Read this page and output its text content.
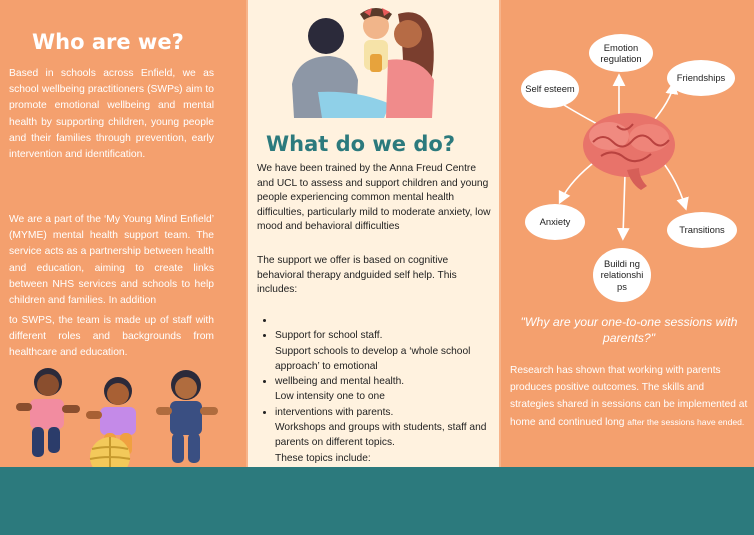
Who are we?
Based in schools across Enfield, we as school wellbeing practitioners (SWPs) aim to promote emotional wellbeing and mental health by supporting children, young people and their families through prevention, early intervention and identification.
We are a part of the ‘My Young Mind Enfield’ (MYME) mental health support team. The service acts as a partnership between health and education, aiming to create links between NHS services and schools to help children and families. In addition
to SWPS, the team is made up of staff with different roles and backgrounds from healthcare and education.
What do we do?
We have been trained by the Anna Freud Centre and UCL to assess and support children and young people experiencing common mental health difficulties, particularly mild to moderate anxiety, low mood and behavioral difficulties
The support we offer is based on cognitive behavioral therapy andguided self help. This includes:
•
• Support for school staff.
Support schools to develop a ‘whole school approach’ to emotional
• wellbeing and mental health.
Low intensity one to one
• interventions with parents.
Workshops and groups with students, staff and parents on different topics.
These topics include:
Emotion regulation
Self esteem
Friendships
Anxiety
Transitions
Buildi ng relationshi ps
"Why are your one-to-one sessions with parents?"
Research has shown that working with parents produces positive outcomes. The skills and strategies shared in sessions can be implemented at home and continued long after the sessions have ended.
